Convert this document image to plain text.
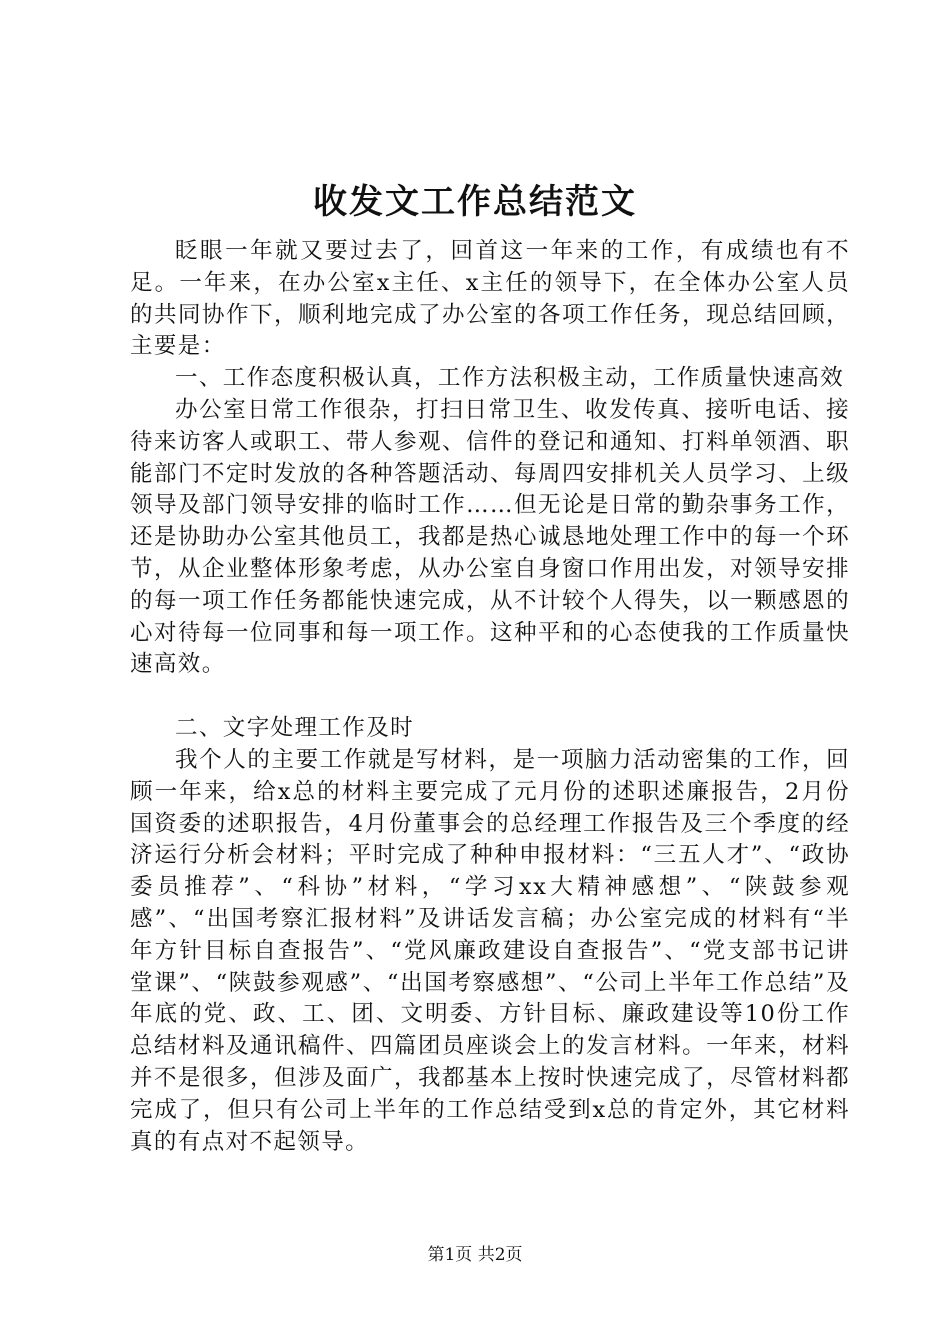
收发文工作总结范文

眨眼一年就又要过去了，回首这一年来的工作，有成绩也有不足。一年来，在办公室x主任、x主任的领导下，在全体办公室人员的共同协作下，顺利地完成了办公室的各项工作任务，现总结回顾，主要是：

一、工作态度积极认真，工作方法积极主动，工作质量快速高效

办公室日常工作很杂，打扫日常卫生、收发传真、接听电话、接待来访客人或职工、带人参观、信件的登记和通知、打料单领酒、职能部门不定时发放的各种答题活动、每周四安排机关人员学习、上级领导及部门领导安排的临时工作……但无论是日常的勤杂事务工作，还是协助办公室其他员工，我都是热心诚恳地处理工作中的每一个环节，从企业整体形象考虑，从办公室自身窗口作用出发，对领导安排的每一项工作任务都能快速完成，从不计较个人得失，以一颗感恩的心对待每一位同事和每一项工作。这种平和的心态使我的工作质量快速高效。

二、文字处理工作及时

我个人的主要工作就是写材料，是一项脑力活动密集的工作，回顾一年来，给x总的材料主要完成了元月份的述职述廉报告，2月份国资委的述职报告，4月份董事会的总经理工作报告及三个季度的经济运行分析会材料；平时完成了种种申报材料：“三五人才”、“政协委员推荐”、“科协”材料，“学习xx大精神感想”、“陕鼓参观感”、“出国考察汇报材料”及讲话发言稿；办公室完成的材料有“半年方针目标自查报告”、“党风廉政建设自查报告”、“党支部书记讲堂课”、“陕鼓参观感”、“出国考察感想”、“公司上半年工作总结”及年底的党、政、工、团、文明委、方针目标、廉政建设等10份工作总结材料及通讯稿件、四篇团员座谈会上的发言材料。一年来，材料并不是很多，但涉及面广，我都基本上按时快速完成了，尽管材料都完成了，但只有公司上半年的工作总结受到x总的肯定外，其它材料真的有点对不起领导。

第1页 共2页
